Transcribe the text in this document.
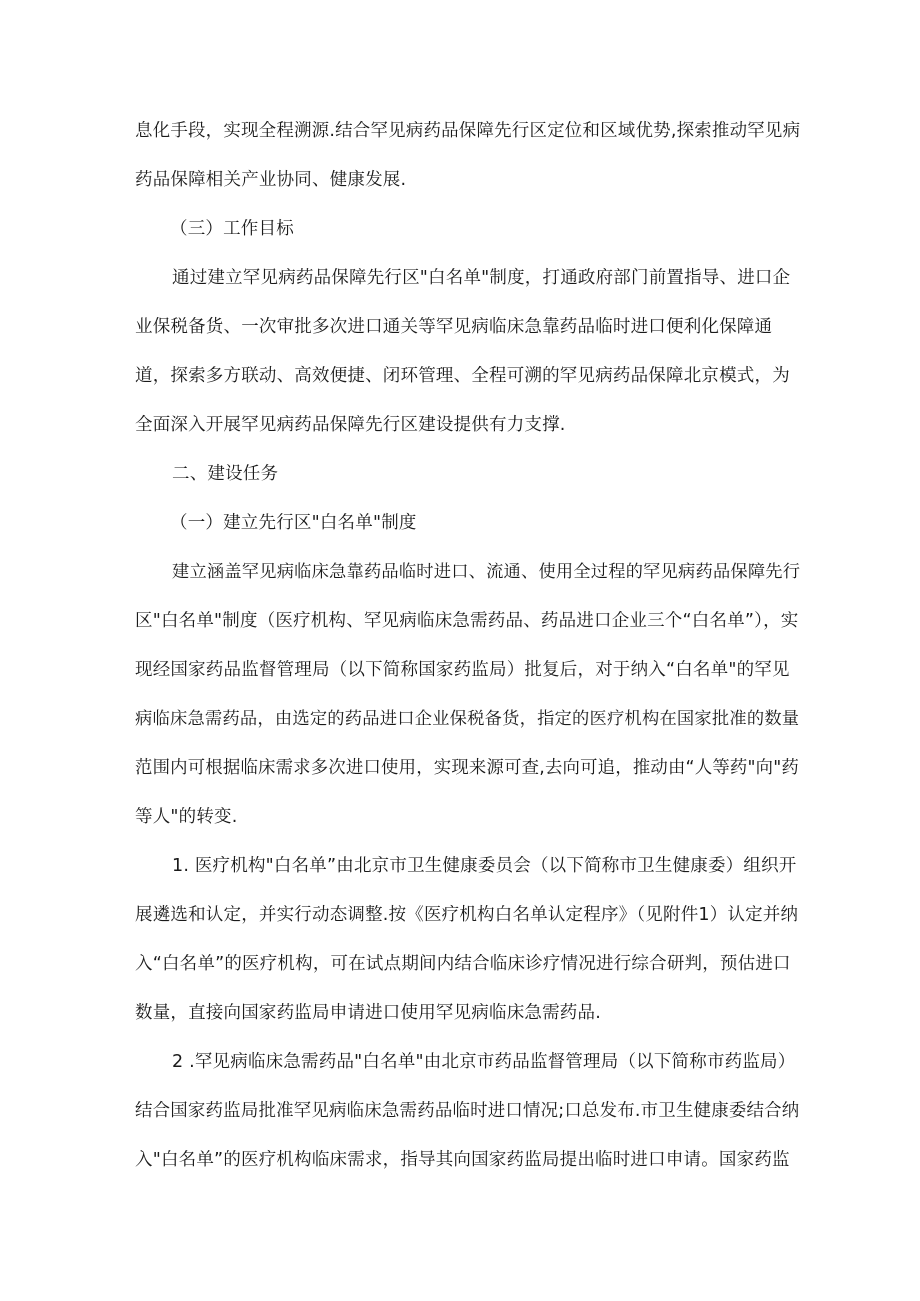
息化手段，实现全程溯源.结合罕见病药品保障先行区定位和区域优势,探索推动罕见病
药品保障相关产业协同、健康发展.
（三）工作目标
通过建立罕见病药品保障先行区"白名单"制度，打通政府部门前置指导、进口企
业保税备货、一次审批多次进口通关等罕见病临床急靠药品临时进口便利化保障通
道，探索多方联动、高效便捷、闭环管理、全程可溯的罕见病药品保障北京模式，为
全面深入开展罕见病药品保障先行区建设提供有力支撑.
二、建设任务
（一）建立先行区"白名单"制度
建立涵盖罕见病临床急靠药品临时进口、流通、使用全过程的罕见病药品保障先行
区"白名单"制度（医疗机构、罕见病临床急需药品、药品进口企业三个“白名单”），实
现经国家药品监督管理局（以下简称国家药监局）批复后，对于纳入“白名单"的罕见
病临床急需药品，由选定的药品进口企业保税备货，指定的医疗机构在国家批准的数量
范围内可根据临床需求多次进口使用，实现来源可查,去向可追，推动由“人等药"向"药
等人"的转变.
1. 医疗机构"白名单”由北京市卫生健康委员会（以下简称市卫生健康委）组织开
展遴选和认定，并实行动态调整.按《医疗机构白名单认定程序》（见附件1）认定并纳
入“白名单”的医疗机构，可在试点期间内结合临床诊疗情况进行综合研判，预估进口
数量，直接向国家药监局申请进口使用罕见病临床急需药品.
2 .罕见病临床急需药品"白名单"由北京市药品监督管理局（以下简称市药监局）
结合国家药监局批准罕见病临床急需药品临时进口情况;口总发布.市卫生健康委结合纳
入"白名单”的医疗机构临床需求，指导其向国家药监局提出临时进口申请。国家药监
